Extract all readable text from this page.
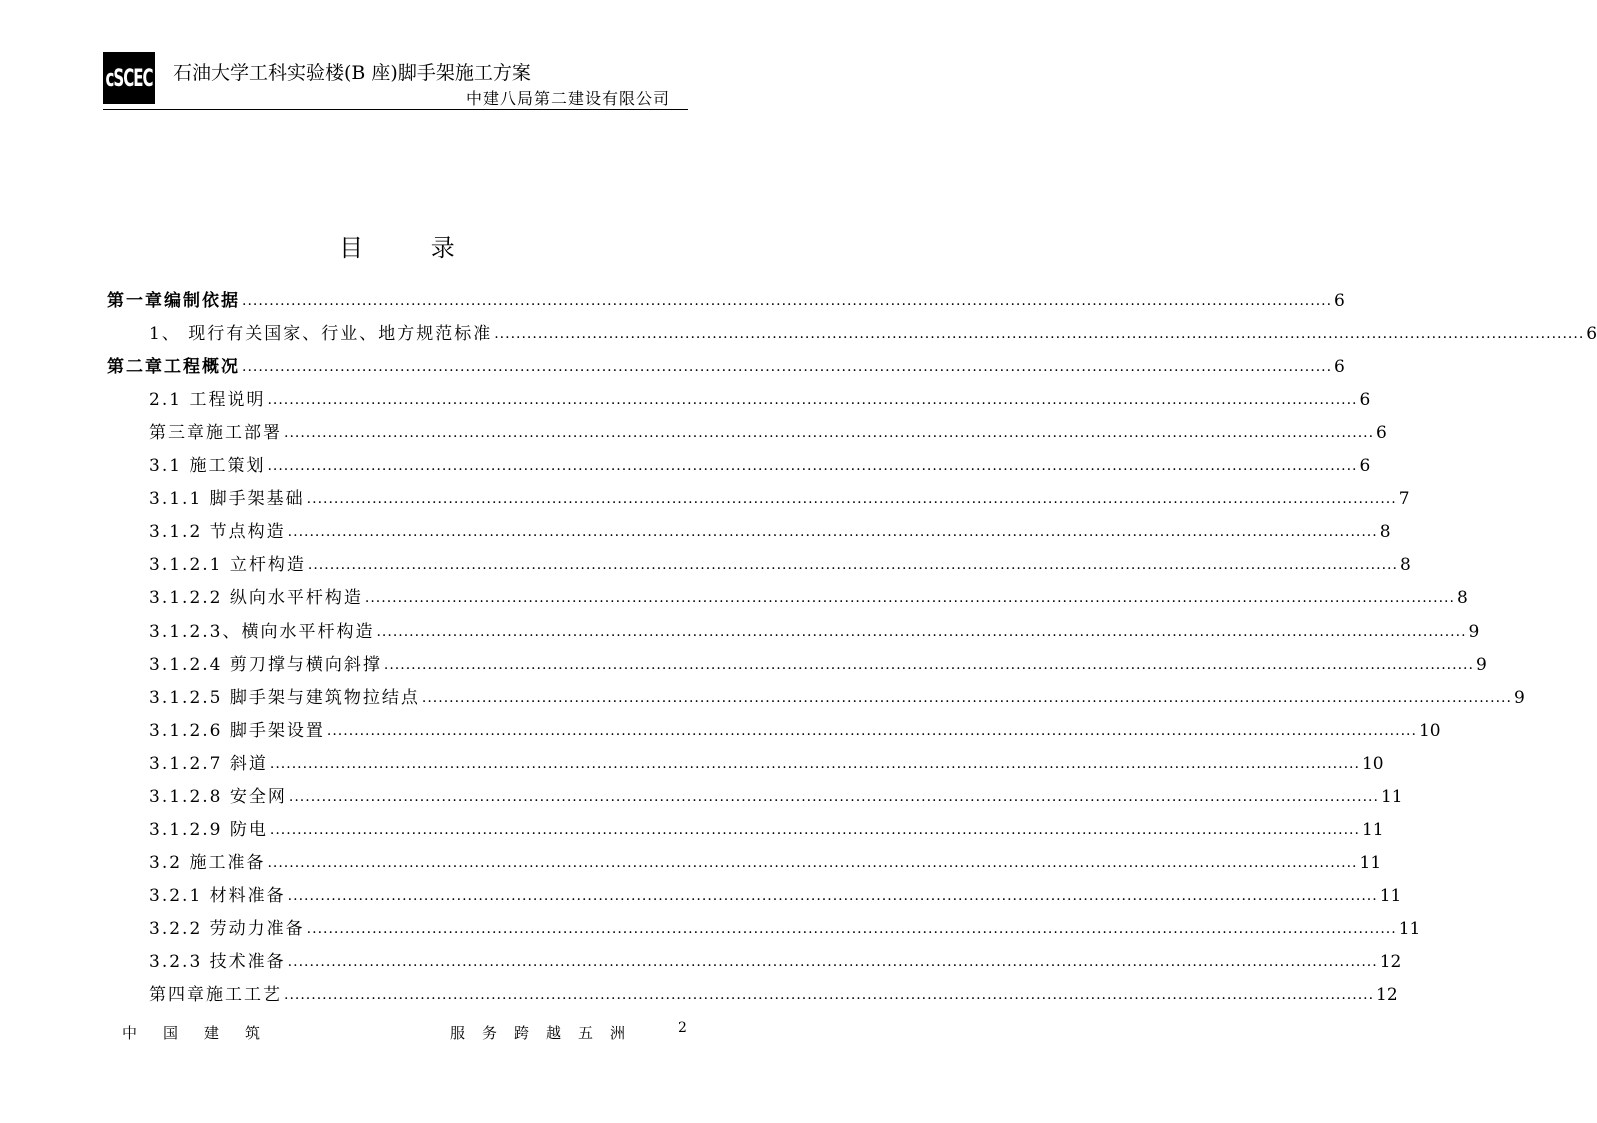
cSCEC 石油大学工科实验楼(B 座)脚手架施工方案
中建八局第二建设有限公司
目 录
第一章编制依据 ........................................................................................................................................................................................................ 6
1、 现行有关国家、行业、地方规范标准 ........................................................................................................................................................................................................ 6
第二章工程概况 ........................................................................................................................................................................................................ 6
2.1 工程说明 ........................................................................................................................................................................................................ 6
第三章施工部署 ........................................................................................................................................................................................................ 6
3.1 施工策划 ........................................................................................................................................................................................................ 6
3.1.1 脚手架基础 ........................................................................................................................................................................................................ 7
3.1.2 节点构造 ........................................................................................................................................................................................................ 8
3.1.2.1 立杆构造 ........................................................................................................................................................................................................ 8
3.1.2.2 纵向水平杆构造 ........................................................................................................................................................................................................ 8
3.1.2.3、横向水平杆构造 ........................................................................................................................................................................................................ 9
3.1.2.4 剪刀撑与横向斜撑 ........................................................................................................................................................................................................ 9
3.1.2.5 脚手架与建筑物拉结点 ........................................................................................................................................................................................................ 9
3.1.2.6 脚手架设置 ........................................................................................................................................................................................................ 10
3.1.2.7 斜道 ........................................................................................................................................................................................................ 10
3.1.2.8 安全网 ........................................................................................................................................................................................................ 11
3.1.2.9 防电 ........................................................................................................................................................................................................ 11
3.2 施工准备 ........................................................................................................................................................................................................ 11
3.2.1 材料准备 ........................................................................................................................................................................................................ 11
3.2.2 劳动力准备 ........................................................................................................................................................................................................ 11
3.2.3 技术准备 ........................................................................................................................................................................................................ 12
第四章施工工艺 ........................................................................................................................................................................................................ 12
中国建筑	服务跨越五洲	2
